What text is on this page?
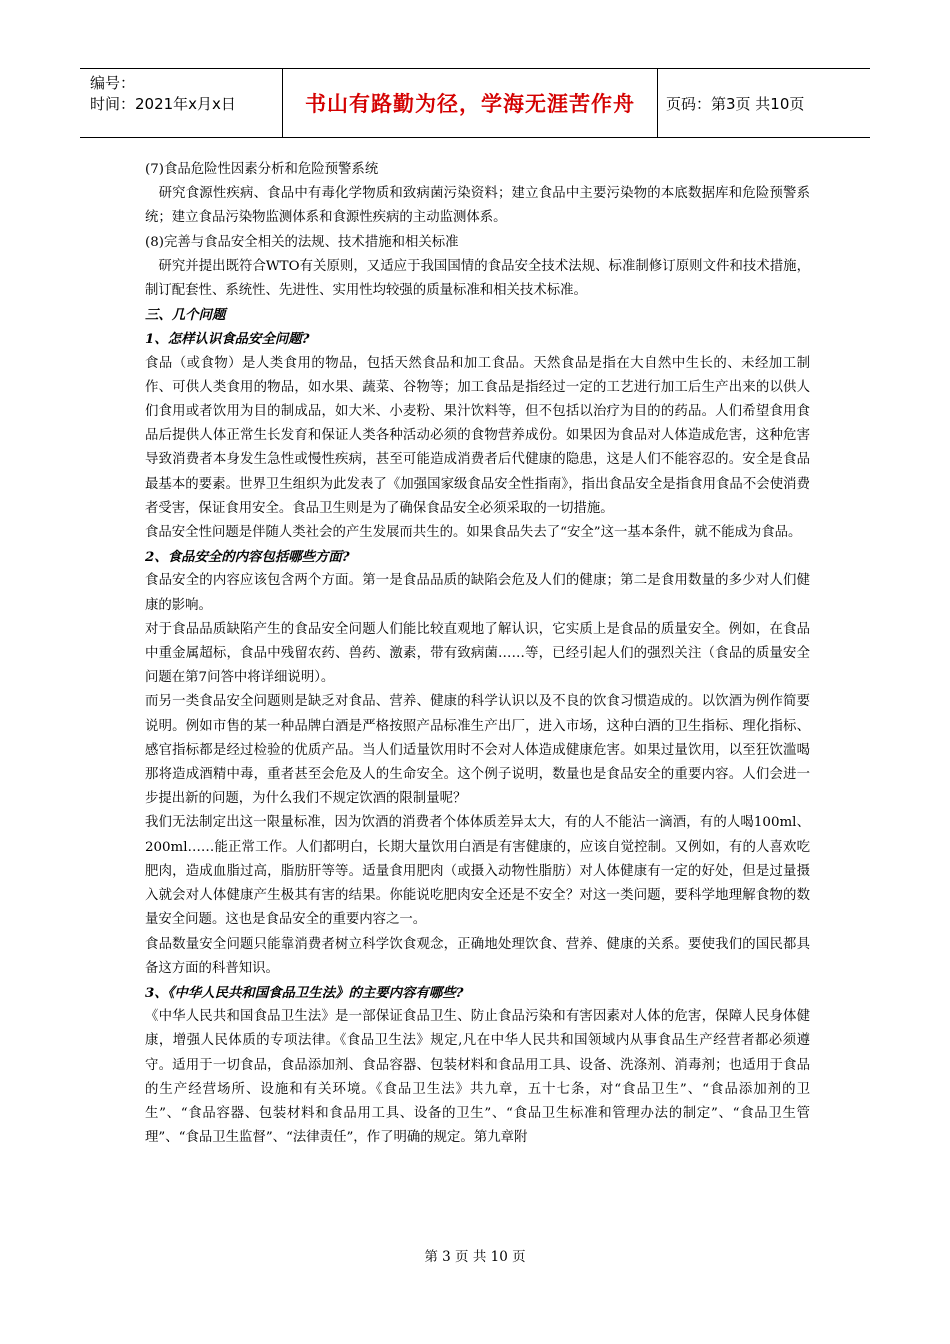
编号：
时间：2021年x月x日	书山有路勤为径，学海无涯苦作舟	页码：第3页 共10页

(7)食品危险性因素分析和危险预警系统

　研究食源性疾病、食品中有毒化学物质和致病菌污染资料；建立食品中主要污染物的本底数据库和危险预警系统；建立食品污染物监测体系和食源性疾病的主动监测体系。

(8)完善与食品安全相关的法规、技术措施和相关标准

　研究并提出既符合WTO有关原则，又适应于我国国情的食品安全技术法规、标准制修订原则文件和技术措施，制订配套性、系统性、先进性、实用性均较强的质量标准和相关技术标准。

三、几个问题

1、怎样认识食品安全问题?

食品（或食物）是人类食用的物品，包括天然食品和加工食品。天然食品是指在大自然中生长的、未经加工制作、可供人类食用的物品，如水果、蔬菜、谷物等；加工食品是指经过一定的工艺进行加工后生产出来的以供人们食用或者饮用为目的制成品，如大米、小麦粉、果汁饮料等，但不包括以治疗为目的的药品。人们希望食用食品后提供人体正常生长发育和保证人类各种活动必须的食物营养成份。如果因为食品对人体造成危害，这种危害导致消费者本身发生急性或慢性疾病，甚至可能造成消费者后代健康的隐患，这是人们不能容忍的。安全是食品最基本的要素。世界卫生组织为此发表了《加强国家级食品安全性指南》，指出食品安全是指食用食品不会使消费者受害，保证食用安全。食品卫生则是为了确保食品安全必须采取的一切措施。

食品安全性问题是伴随人类社会的产生发展而共生的。如果食品失去了“安全”这一基本条件，就不能成为食品。

2、食品安全的内容包括哪些方面?

食品安全的内容应该包含两个方面。第一是食品品质的缺陷会危及人们的健康；第二是食用数量的多少对人们健康的影响。

对于食品品质缺陷产生的食品安全问题人们能比较直观地了解认识，它实质上是食品的质量安全。例如，在食品中重金属超标，食品中残留农药、兽药、激素，带有致病菌……等，已经引起人们的强烈关注（食品的质量安全问题在第7问答中将详细说明）。

而另一类食品安全问题则是缺乏对食品、营养、健康的科学认识以及不良的饮食习惯造成的。以饮酒为例作简要说明。例如市售的某一种品牌白酒是严格按照产品标准生产出厂，进入市场，这种白酒的卫生指标、理化指标、感官指标都是经过检验的优质产品。当人们适量饮用时不会对人体造成健康危害。如果过量饮用，以至狂饮滥喝那将造成酒精中毒，重者甚至会危及人的生命安全。这个例子说明，数量也是食品安全的重要内容。人们会进一步提出新的问题，为什么我们不规定饮酒的限制量呢？

我们无法制定出这一限量标准，因为饮酒的消费者个体体质差异太大，有的人不能沾一滴酒，有的人喝100ml、200ml……能正常工作。人们都明白，长期大量饮用白酒是有害健康的，应该自觉控制。又例如，有的人喜欢吃肥肉，造成血脂过高，脂肪肝等等。适量食用肥肉（或摄入动物性脂肪）对人体健康有一定的好处，但是过量摄入就会对人体健康产生极其有害的结果。你能说吃肥肉安全还是不安全？对这一类问题，要科学地理解食物的数量安全问题。这也是食品安全的重要内容之一。

食品数量安全问题只能靠消费者树立科学饮食观念，正确地处理饮食、营养、健康的关系。要使我们的国民都具备这方面的科普知识。

3、《中华人民共和国食品卫生法》的主要内容有哪些?

《中华人民共和国食品卫生法》是一部保证食品卫生、防止食品污染和有害因素对人体的危害，保障人民身体健康，增强人民体质的专项法律。《食品卫生法》规定,凡在中华人民共和国领域内从事食品生产经营者都必须遵守。适用于一切食品，食品添加剂、食品容器、包装材料和食品用工具、设备、洗涤剂、消毒剂；也适用于食品的生产经营场所、设施和有关环境。《食品卫生法》共九章，五十七条，对“食品卫生”、“食品添加剂的卫生”、“食品容器、包装材料和食品用工具、设备的卫生”、“食品卫生标准和管理办法的制定”、“食品卫生管理”、“食品卫生监督”、“法律责任”，作了明确的规定。第九章附

第 3 页 共 10 页
